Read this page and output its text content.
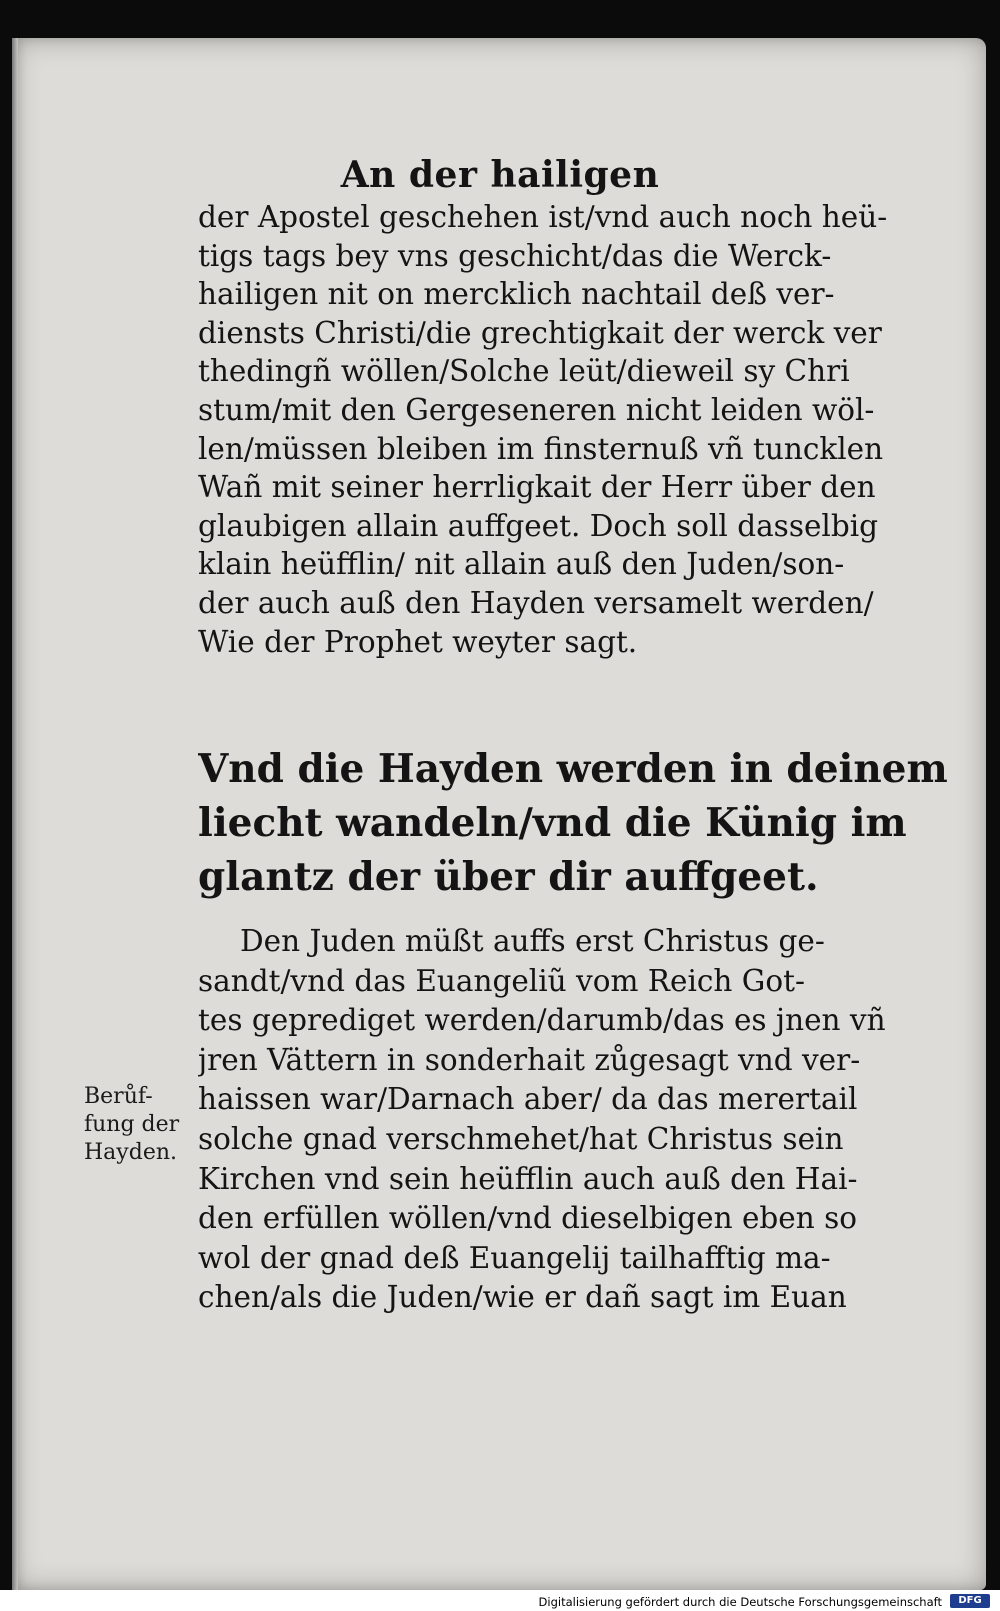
An der hailigen
der Apostel geschehen ist/vnd auch noch heü-
tigs tags bey vns geschicht/das die Werck-
hailigen nit on mercklich nachtail deß ver-
diensts Christi/die grechtigkait der werck ver
thedingñ wöllen/Solche leüt/dieweil sy Chri
stum/mit den Gergeseneren nicht leiden wöl-
len/müssen bleiben im finsternuß vñ tuncklen
Wañ mit seiner herrligkait der Herr über den
glaubigen allain auffgeet. Doch soll dasselbig
klain heüfflin/ nit allain auß den Juden/son-
der auch auß den Hayden versamelt werden/
Wie der Prophet weyter sagt.
Vnd die Hayden werden in deinem
liecht wandeln/vnd die Künig im
glantz der über dir auffgeet.
Den Juden müßt auffs erst Christus ge-
sandt/vnd das Euangeliũ vom Reich Got-
tes geprediget werden/darumb/das es jnen vñ
jren Vättern in sonderhait zůgesagt vnd ver-
haissen war/Darnach aber/ da das merertail
solche gnad verschmehet/hat Christus sein
Kirchen vnd sein heüfflin auch auß den Hai-
den erfüllen wöllen/vnd dieselbigen eben so
wol der gnad deß Euangelij tailhafftig ma-
chen/als die Juden/wie er dañ sagt im Euan
Berůf-
fung der
Hayden.
Digitalisierung gefördert durch die Deutsche Forschungsgemeinschaft	DFG
